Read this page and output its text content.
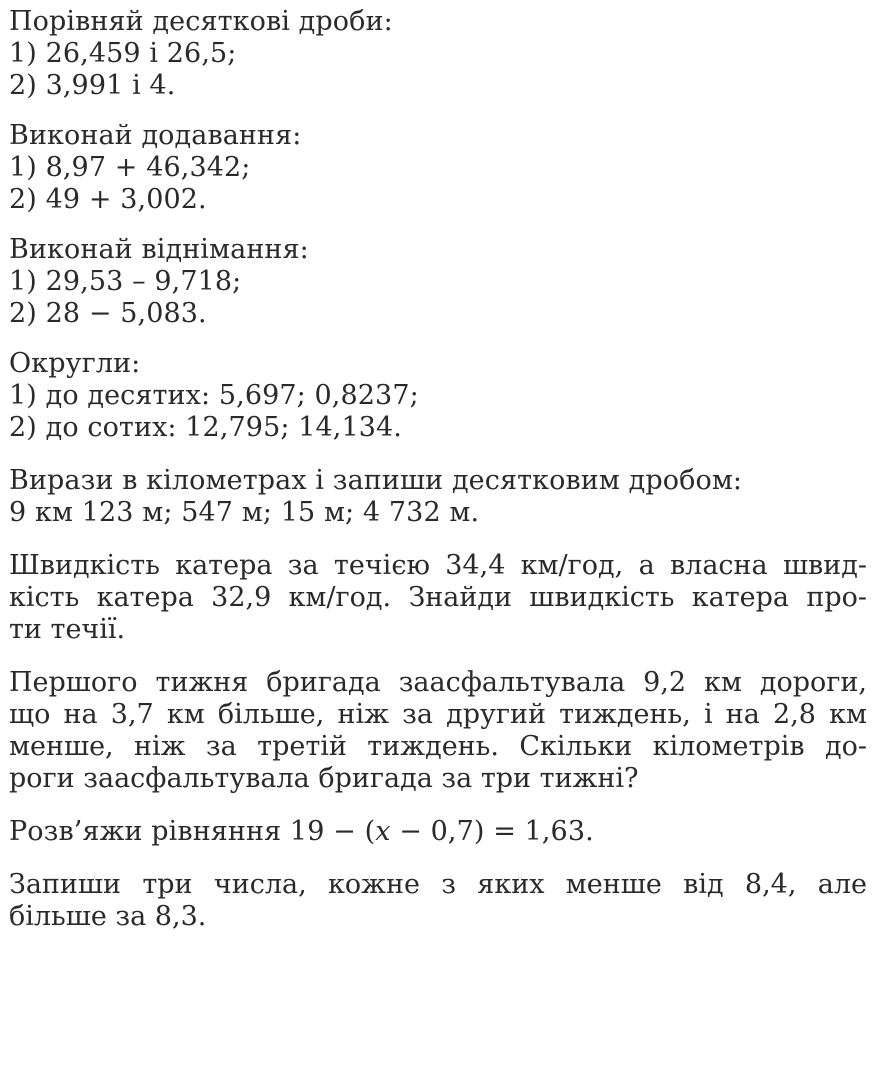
Порівняй десяткові дроби:
1) 26,459 і 26,5;
2) 3,991 і 4.
Виконай додавання:
1) 8,97 + 46,342;
2) 49 + 3,002.
Виконай віднімання:
1) 29,53 – 9,718;
2) 28 − 5,083.
Округли:
1) до десятих: 5,697; 0,8237;
2) до сотих: 12,795; 14,134.
Вирази в кілометрах і запиши десятковим дробом:
9 км 123 м; 547 м; 15 м; 4 732 м.
Швидкість катера за течією 34,4 км/год, а власна швид-
кість катера 32,9 км/год. Знайди швидкість катера про-
ти течії.
Першого тижня бригада заасфальтувала 9,2 км дороги,
що на 3,7 км більше, ніж за другий тиждень, і на 2,8 км
менше, ніж за третій тиждень. Скільки кілометрів до-
роги заасфальтувала бригада за три тижні?
Розв’яжи рівняння 19 − (x − 0,7) = 1,63.
Запиши три числа, кожне з яких менше від 8,4, але
більше за 8,3.
